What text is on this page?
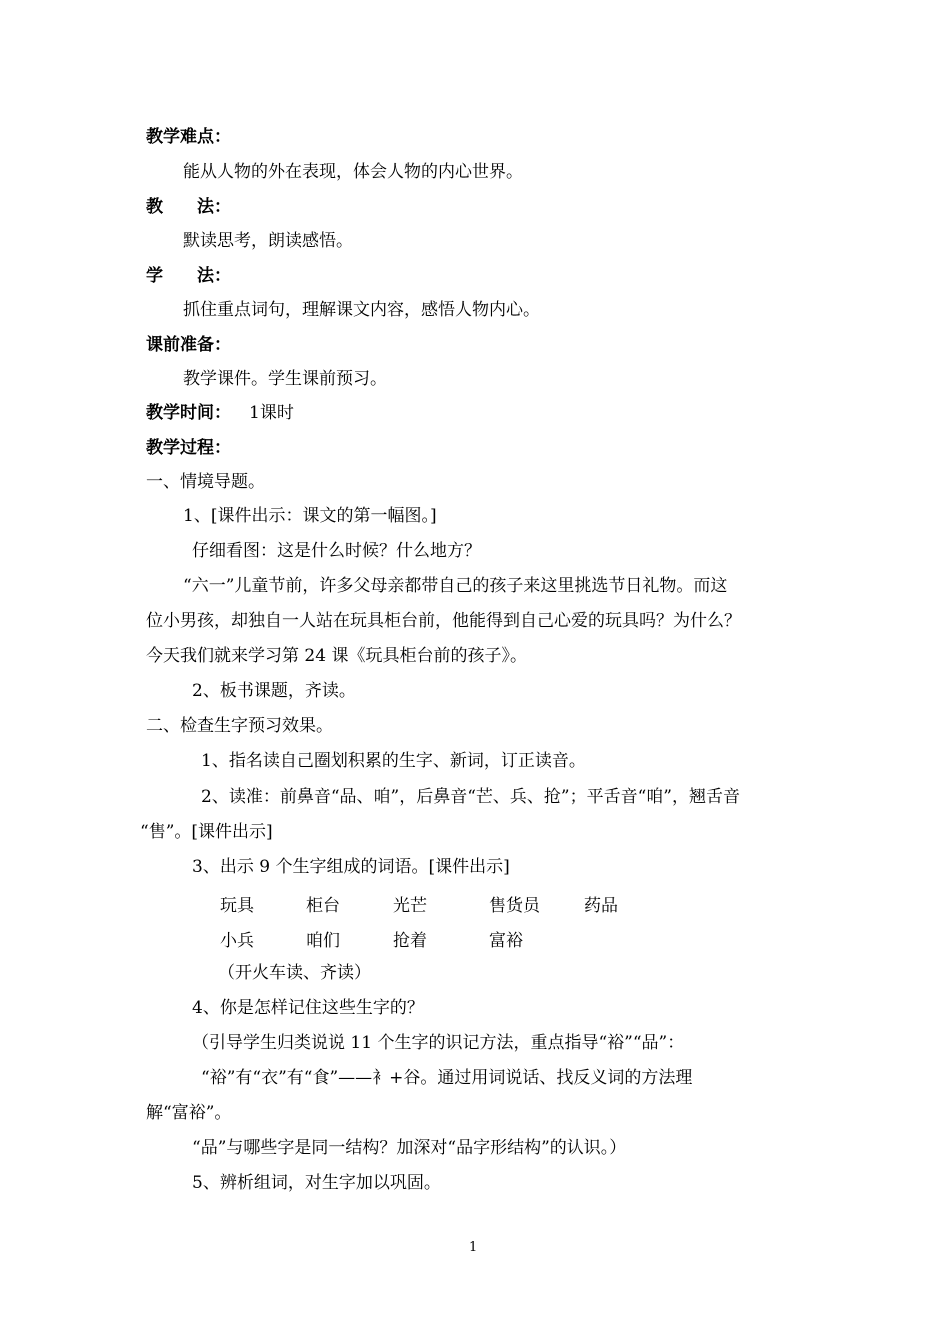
教学难点：
能从人物的外在表现，体会人物的内心世界。
教　　法：
默读思考，朗读感悟。
学　　法：
抓住重点词句，理解课文内容，感悟人物内心。
课前准备：
教学课件。学生课前预习。
教学时间： 1课时
教学过程：
一、情境导题。
1、[课件出示：课文的第一幅图。]
仔细看图：这是什么时候？什么地方？
“六一”儿童节前，许多父母亲都带自己的孩子来这里挑选节日礼物。而这
位小男孩，却独自一人站在玩具柜台前，他能得到自己心爱的玩具吗？为什么？
今天我们就来学习第 24 课《玩具柜台前的孩子》。
2、板书课题，齐读。
二、检查生字预习效果。
1、指名读自己圈划积累的生字、新词，订正读音。
2、读准：前鼻音“品、咱”，后鼻音“芒、兵、抢”；平舌音“咱”，翘舌音
“售”。[课件出示]
3、出示 9 个生字组成的词语。[课件出示]
玩具	柜台	光芒	售货员	药品
小兵	咱们	抢着	富裕
（开火车读、齐读）
4、你是怎样记住这些生字的？
（引导学生归类说说 11 个生字的识记方法，重点指导“裕”“品”：
“裕”有“衣”有“食”——衤+谷。通过用词说话、找反义词的方法理
解“富裕”。
“品”与哪些字是同一结构？加深对“品字形结构”的认识。）
5、辨析组词，对生字加以巩固。
1
